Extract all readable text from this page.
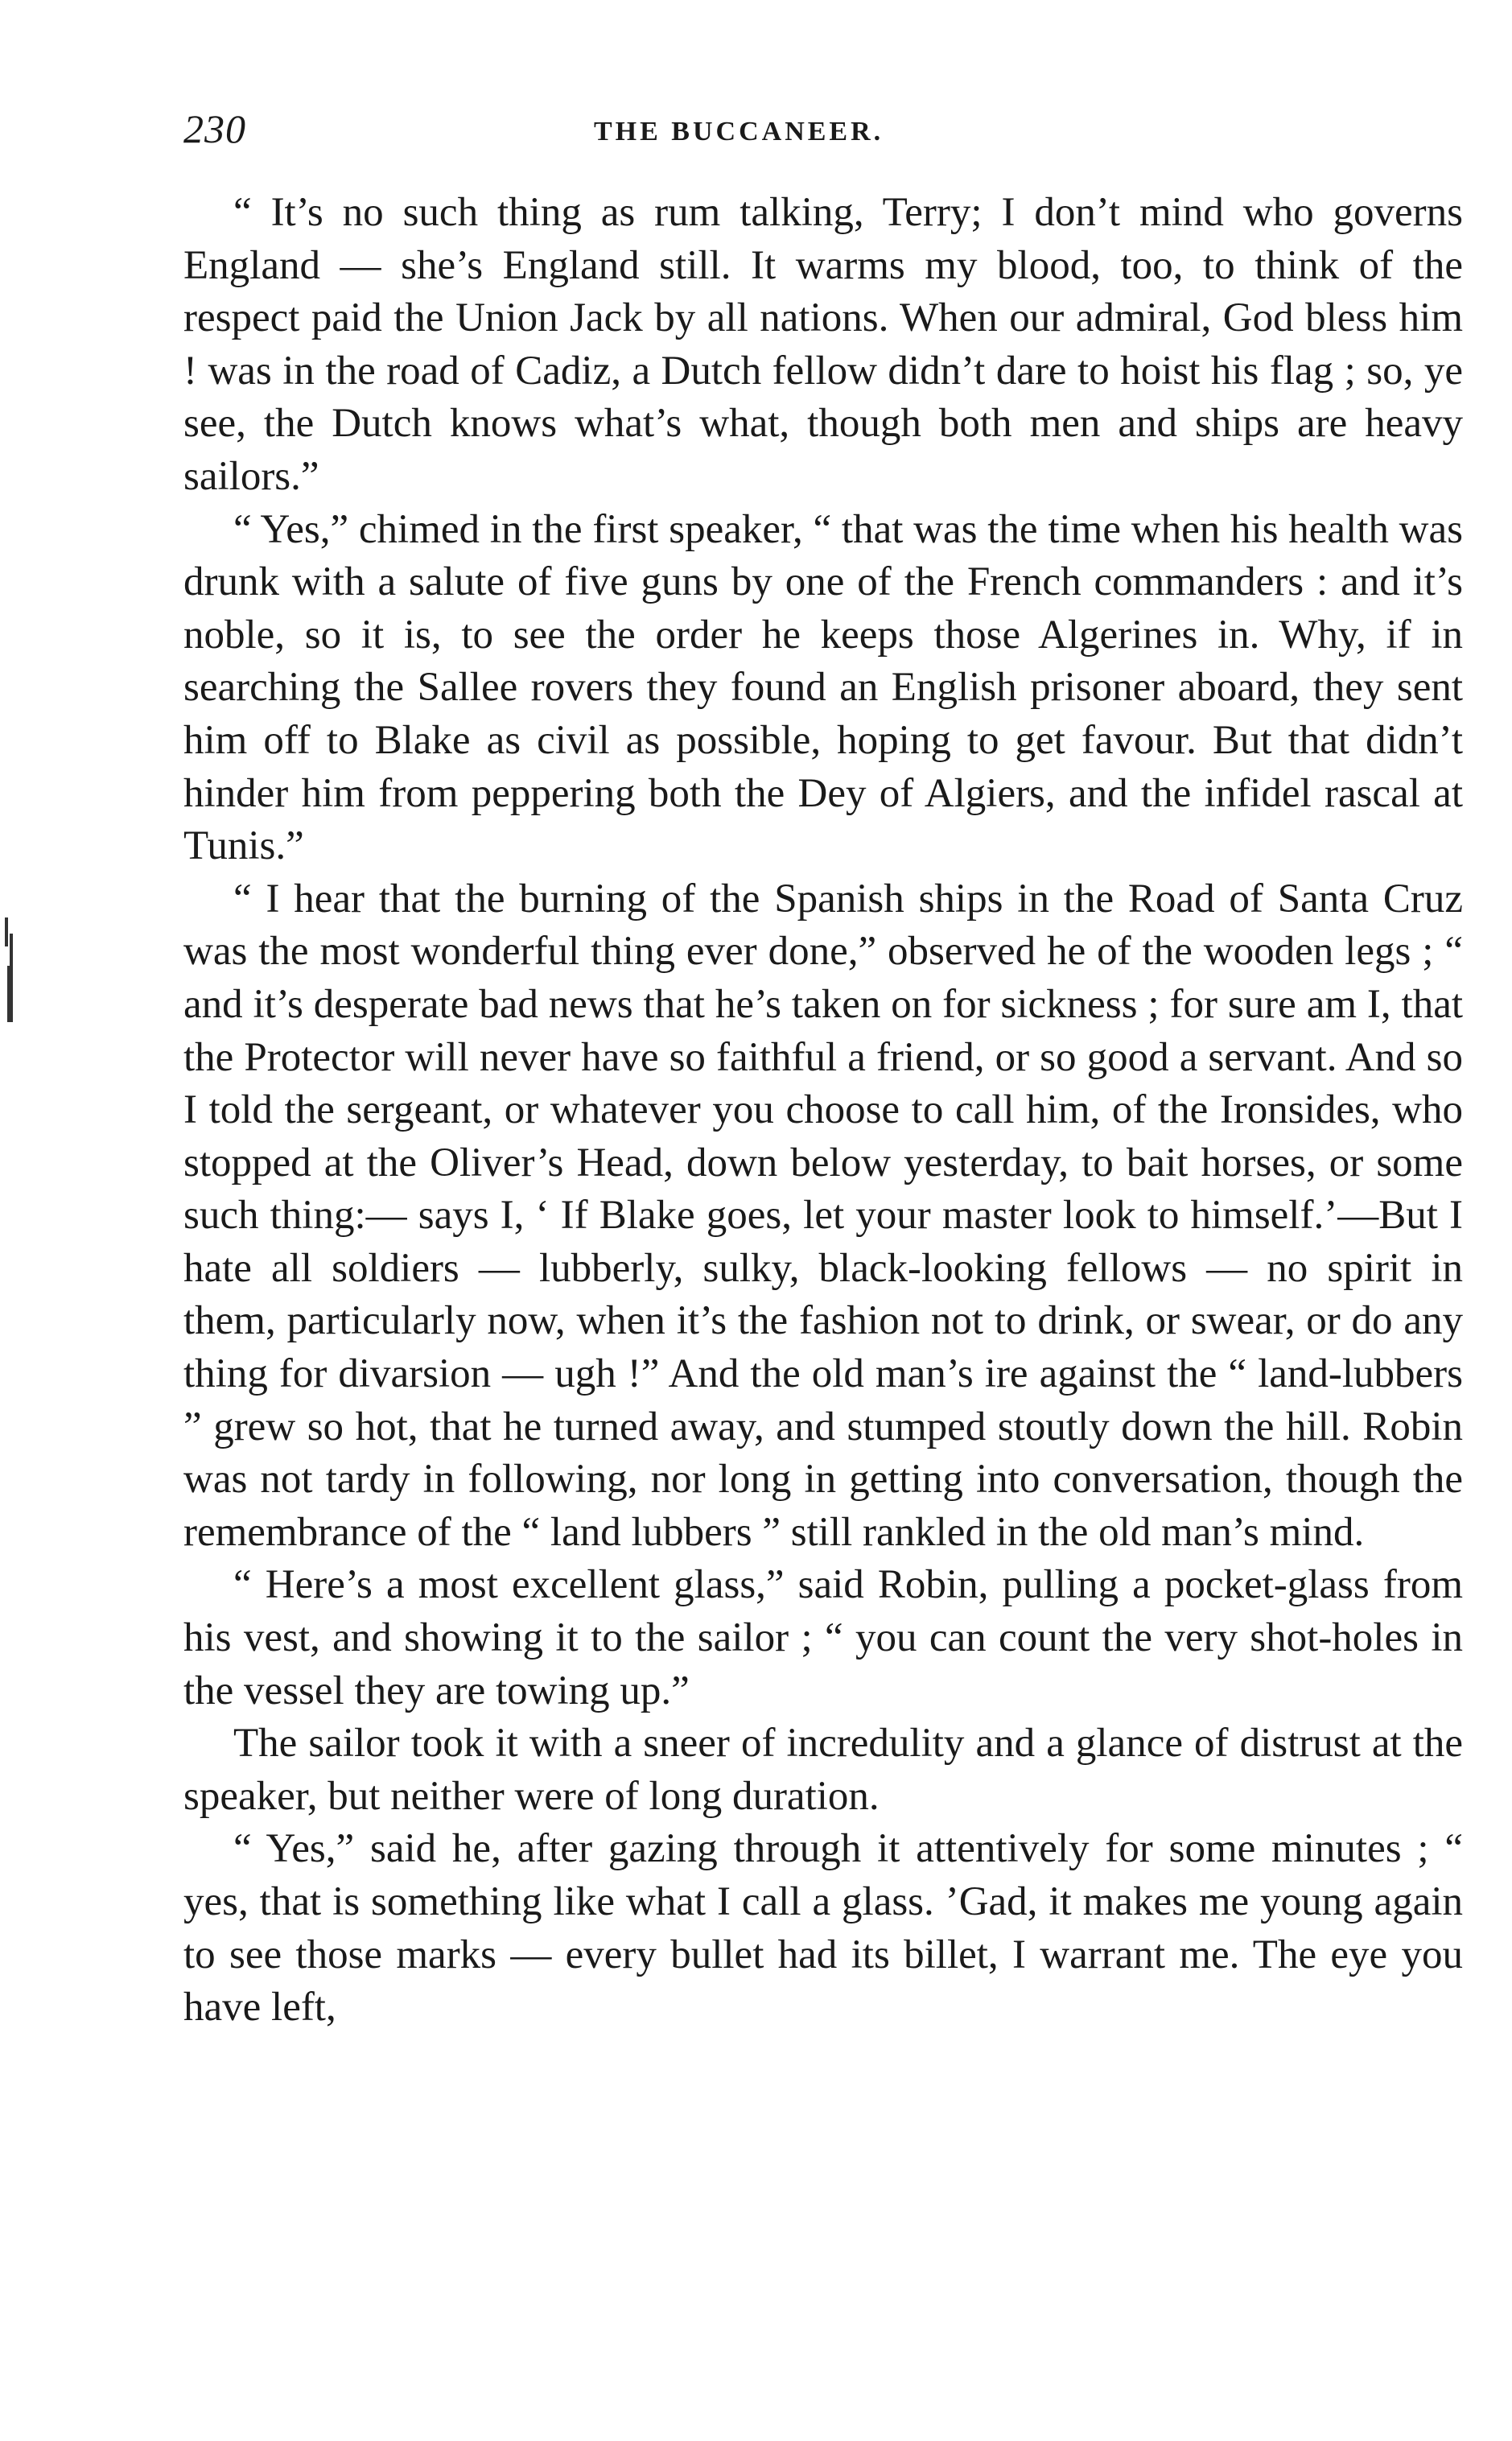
230	THE BUCCANEER.

“ It’s no such thing as rum talking, Terry; I don’t mind who governs England — she’s England still. It warms my blood, too, to think of the respect paid the Union Jack by all nations. When our admiral, God bless him ! was in the road of Cadiz, a Dutch fellow didn’t dare to hoist his flag ; so, ye see, the Dutch knows what’s what, though both men and ships are heavy sailors.”

“ Yes,” chimed in the first speaker, “ that was the time when his health was drunk with a salute of five guns by one of the French commanders : and it’s noble, so it is, to see the order he keeps those Algerines in. Why, if in searching the Sallee rovers they found an English prisoner aboard, they sent him off to Blake as civil as possible, hoping to get favour. But that didn’t hinder him from peppering both the Dey of Algiers, and the infidel rascal at Tunis.”

“ I hear that the burning of the Spanish ships in the Road of Santa Cruz was the most wonderful thing ever done,” observed he of the wooden legs ; “ and it’s desperate bad news that he’s taken on for sickness ; for sure am I, that the Protector will never have so faithful a friend, or so good a servant. And so I told the sergeant, or whatever you choose to call him, of the Ironsides, who stopped at the Oliver’s Head, down below yesterday, to bait horses, or some such thing:— says I, ‘ If Blake goes, let your master look to himself.’—But I hate all soldiers — lubberly, sulky, black-looking fellows — no spirit in them, particularly now, when it’s the fashion not to drink, or swear, or do any thing for divarsion — ugh !” And the old man’s ire against the “ land-lubbers ” grew so hot, that he turned away, and stumped stoutly down the hill. Robin was not tardy in following, nor long in getting into conversation, though the remembrance of the “ land lubbers ” still rankled in the old man’s mind.

“ Here’s a most excellent glass,” said Robin, pulling a pocket-glass from his vest, and showing it to the sailor ; “ you can count the very shot-holes in the vessel they are towing up.”

The sailor took it with a sneer of incredulity and a glance of distrust at the speaker, but neither were of long duration.

“ Yes,” said he, after gazing through it attentively for some minutes ; “ yes, that is something like what I call a glass. ’Gad, it makes me young again to see those marks — every bullet had its billet, I warrant me. The eye you have left,
